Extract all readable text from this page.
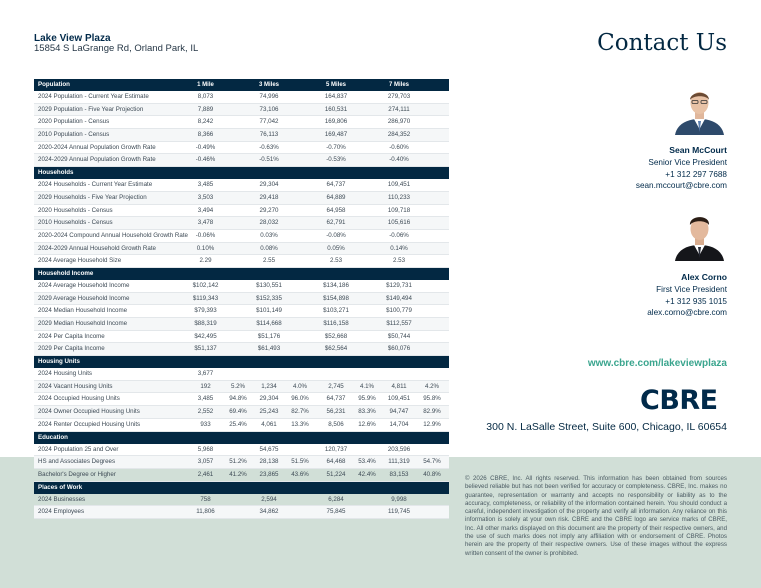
Lake View Plaza
15854 S LaGrange Rd, Orland Park, IL
Population	1 Mile	3 Miles	5 Miles	7 Miles
2024 Population - Current Year Estimate	8,073	74,996	164,837	279,703
2029 Population - Five Year Projection	7,889	73,106	160,531	274,111
2020 Population - Census	8,242	77,042	169,806	286,970
2010 Population - Census	8,366	76,113	169,487	284,352
2020-2024 Annual Population Growth Rate	-0.49%	-0.63%	-0.70%	-0.60%
2024-2029 Annual Population Growth Rate	-0.46%	-0.51%	-0.53%	-0.40%
Households
2024 Households - Current Year Estimate	3,485	29,304	64,737	109,451
2029 Households - Five Year Projection	3,503	29,418	64,889	110,233
2020 Households - Census	3,494	29,270	64,958	109,718
2010 Households - Census	3,478	28,032	62,791	105,616
2020-2024 Compound Annual Household Growth Rate	-0.06%	0.03%	-0.08%	-0.06%
2024-2029 Annual Household Growth Rate	0.10%	0.08%	0.05%	0.14%
2024 Average Household Size	2.29	2.55	2.53	2.53
Household Income
2024 Average Household Income	$102,142	$130,551	$134,186	$129,731
2029 Average Household Income	$119,343	$152,335	$154,898	$149,494
2024 Median Household Income	$79,393	$101,149	$103,271	$100,779
2029 Median Household Income	$88,319	$114,668	$116,158	$112,557
2024 Per Capita Income	$42,495	$51,176	$52,668	$50,744
2029 Per Capita Income	$51,137	$61,493	$62,564	$60,076
Housing Units
2024 Housing Units	3,677
2024 Vacant Housing Units	192	5.2%	1,234	4.0%	2,745	4.1%	4,811	4.2%
2024 Occupied Housing Units	3,485	94.8%	29,304	96.0%	64,737	95.9%	109,451	95.8%
2024 Owner Occupied Housing Units	2,552	69.4%	25,243	82.7%	56,231	83.3%	94,747	82.9%
2024 Renter Occupied Housing Units	933	25.4%	4,061	13.3%	8,506	12.6%	14,704	12.9%
Education
2024 Population 25 and Over	5,968	54,675	120,737	203,596
HS and Associates Degrees	3,057	51.2%	28,138	51.5%	64,468	53.4%	111,319	54.7%
Bachelor's Degree or Higher	2,461	41.2%	23,865	43.6%	51,224	42.4%	83,153	40.8%
Places of Work
2024 Businesses	758	2,594	6,284	9,998
2024 Employees	11,806	34,862	75,845	119,745
Contact Us
Sean McCourt
Senior Vice President
+1 312 297 7688
sean.mccourt@cbre.com
Alex Corno
First Vice President
+1 312 935 1015
alex.corno@cbre.com
www.cbre.com/lakeviewplaza
CBRE
300 N. LaSalle Street, Suite 600, Chicago, IL 60654
© 2026 CBRE, Inc. All rights reserved. This information has been obtained from sources believed reliable but has not been verified for accuracy or completeness. CBRE, Inc. makes no guarantee, representation or warranty and accepts no responsibility or liability as to the accuracy, completeness, or reliability of the information contained herein. You should conduct a careful, independent investigation of the property and verify all information. Any reliance on this information is solely at your own risk. CBRE and the CBRE logo are service marks of CBRE, Inc. All other marks displayed on this document are the property of their respective owners, and the use of such marks does not imply any affiliation with or endorsement of CBRE. Photos herein are the property of their respective owners. Use of these images without the express written consent of the owner is prohibited.
